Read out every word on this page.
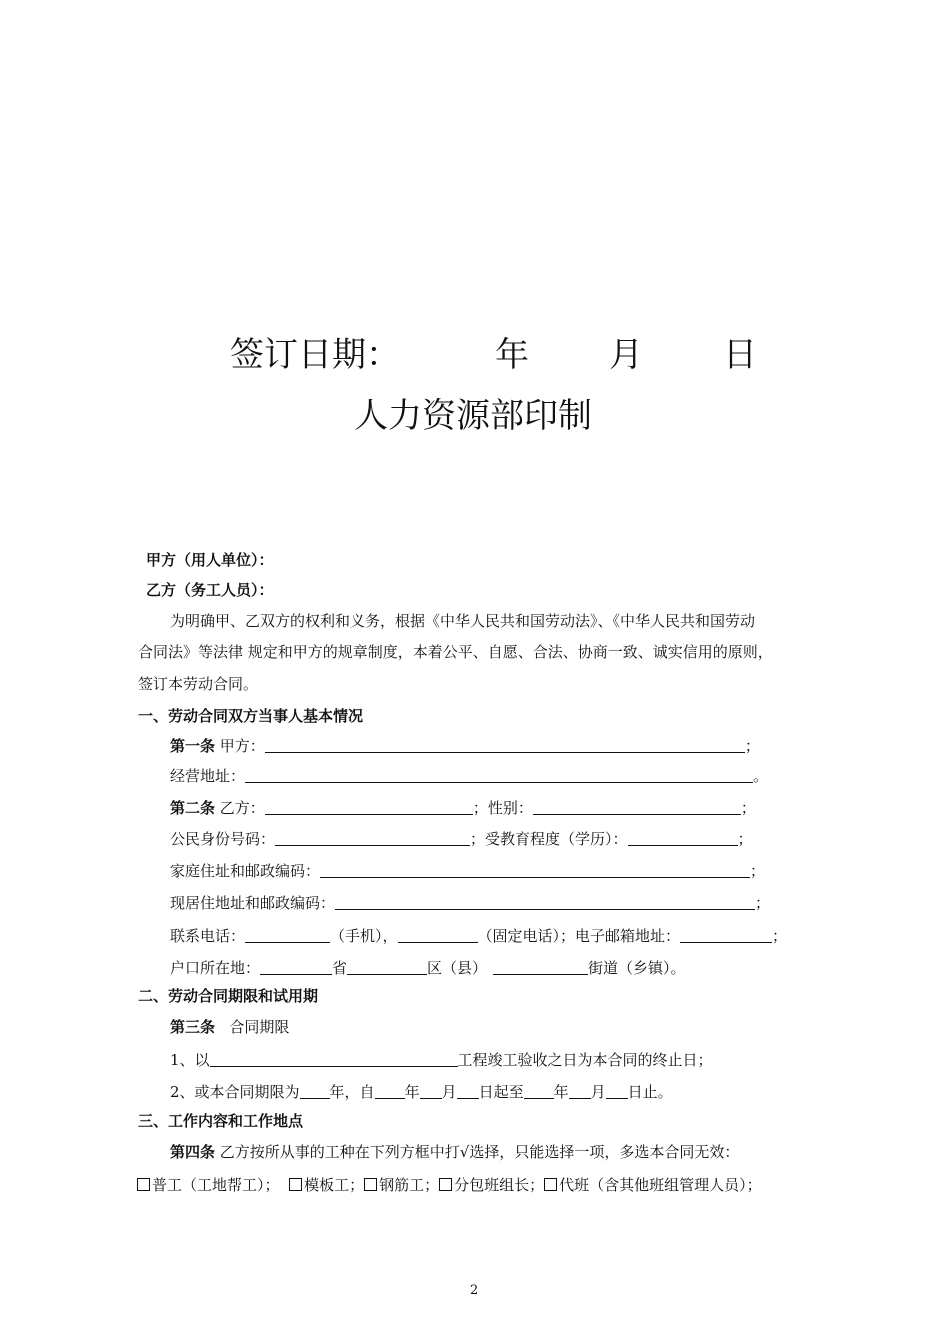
签订日期：	年 月 日
人力资源部印制
甲方（用人单位）：
乙方（务工人员）：
为明确甲、乙双方的权利和义务，根据《中华人民共和国劳动法》、《中华人民共和国劳动
合同法》等法律 规定和甲方的规章制度，本着公平、自愿、合法、协商一致、诚实信用的原则，
签订本劳动合同。
一、劳动合同双方当事人基本情况
第一条 甲方：	；
经营地址：	。
第二条 乙方：	；性别：	；
公民身份号码：	；受教育程度（学历）：	；
家庭住址和邮政编码：	；
现居住地址和邮政编码：	；
联系电话：	（手机），	（固定电话）；电子邮箱地址：	；
户口所在地：	省	区（县）	街道（乡镇）。
二、劳动合同期限和试用期
第三条 合同期限
1、以	工程竣工验收之日为本合同的终止日；
2、或本合同期限为 年，自 年 月 日起至 年 月 日止。
三、工作内容和工作地点
第四条 乙方按所从事的工种在下列方框中打√选择，只能选择一项，多选本合同无效：
普工（工地帮工）； 模板工； 钢筋工； 分包班组长； 代班（含其他班组管理人员）；
2
